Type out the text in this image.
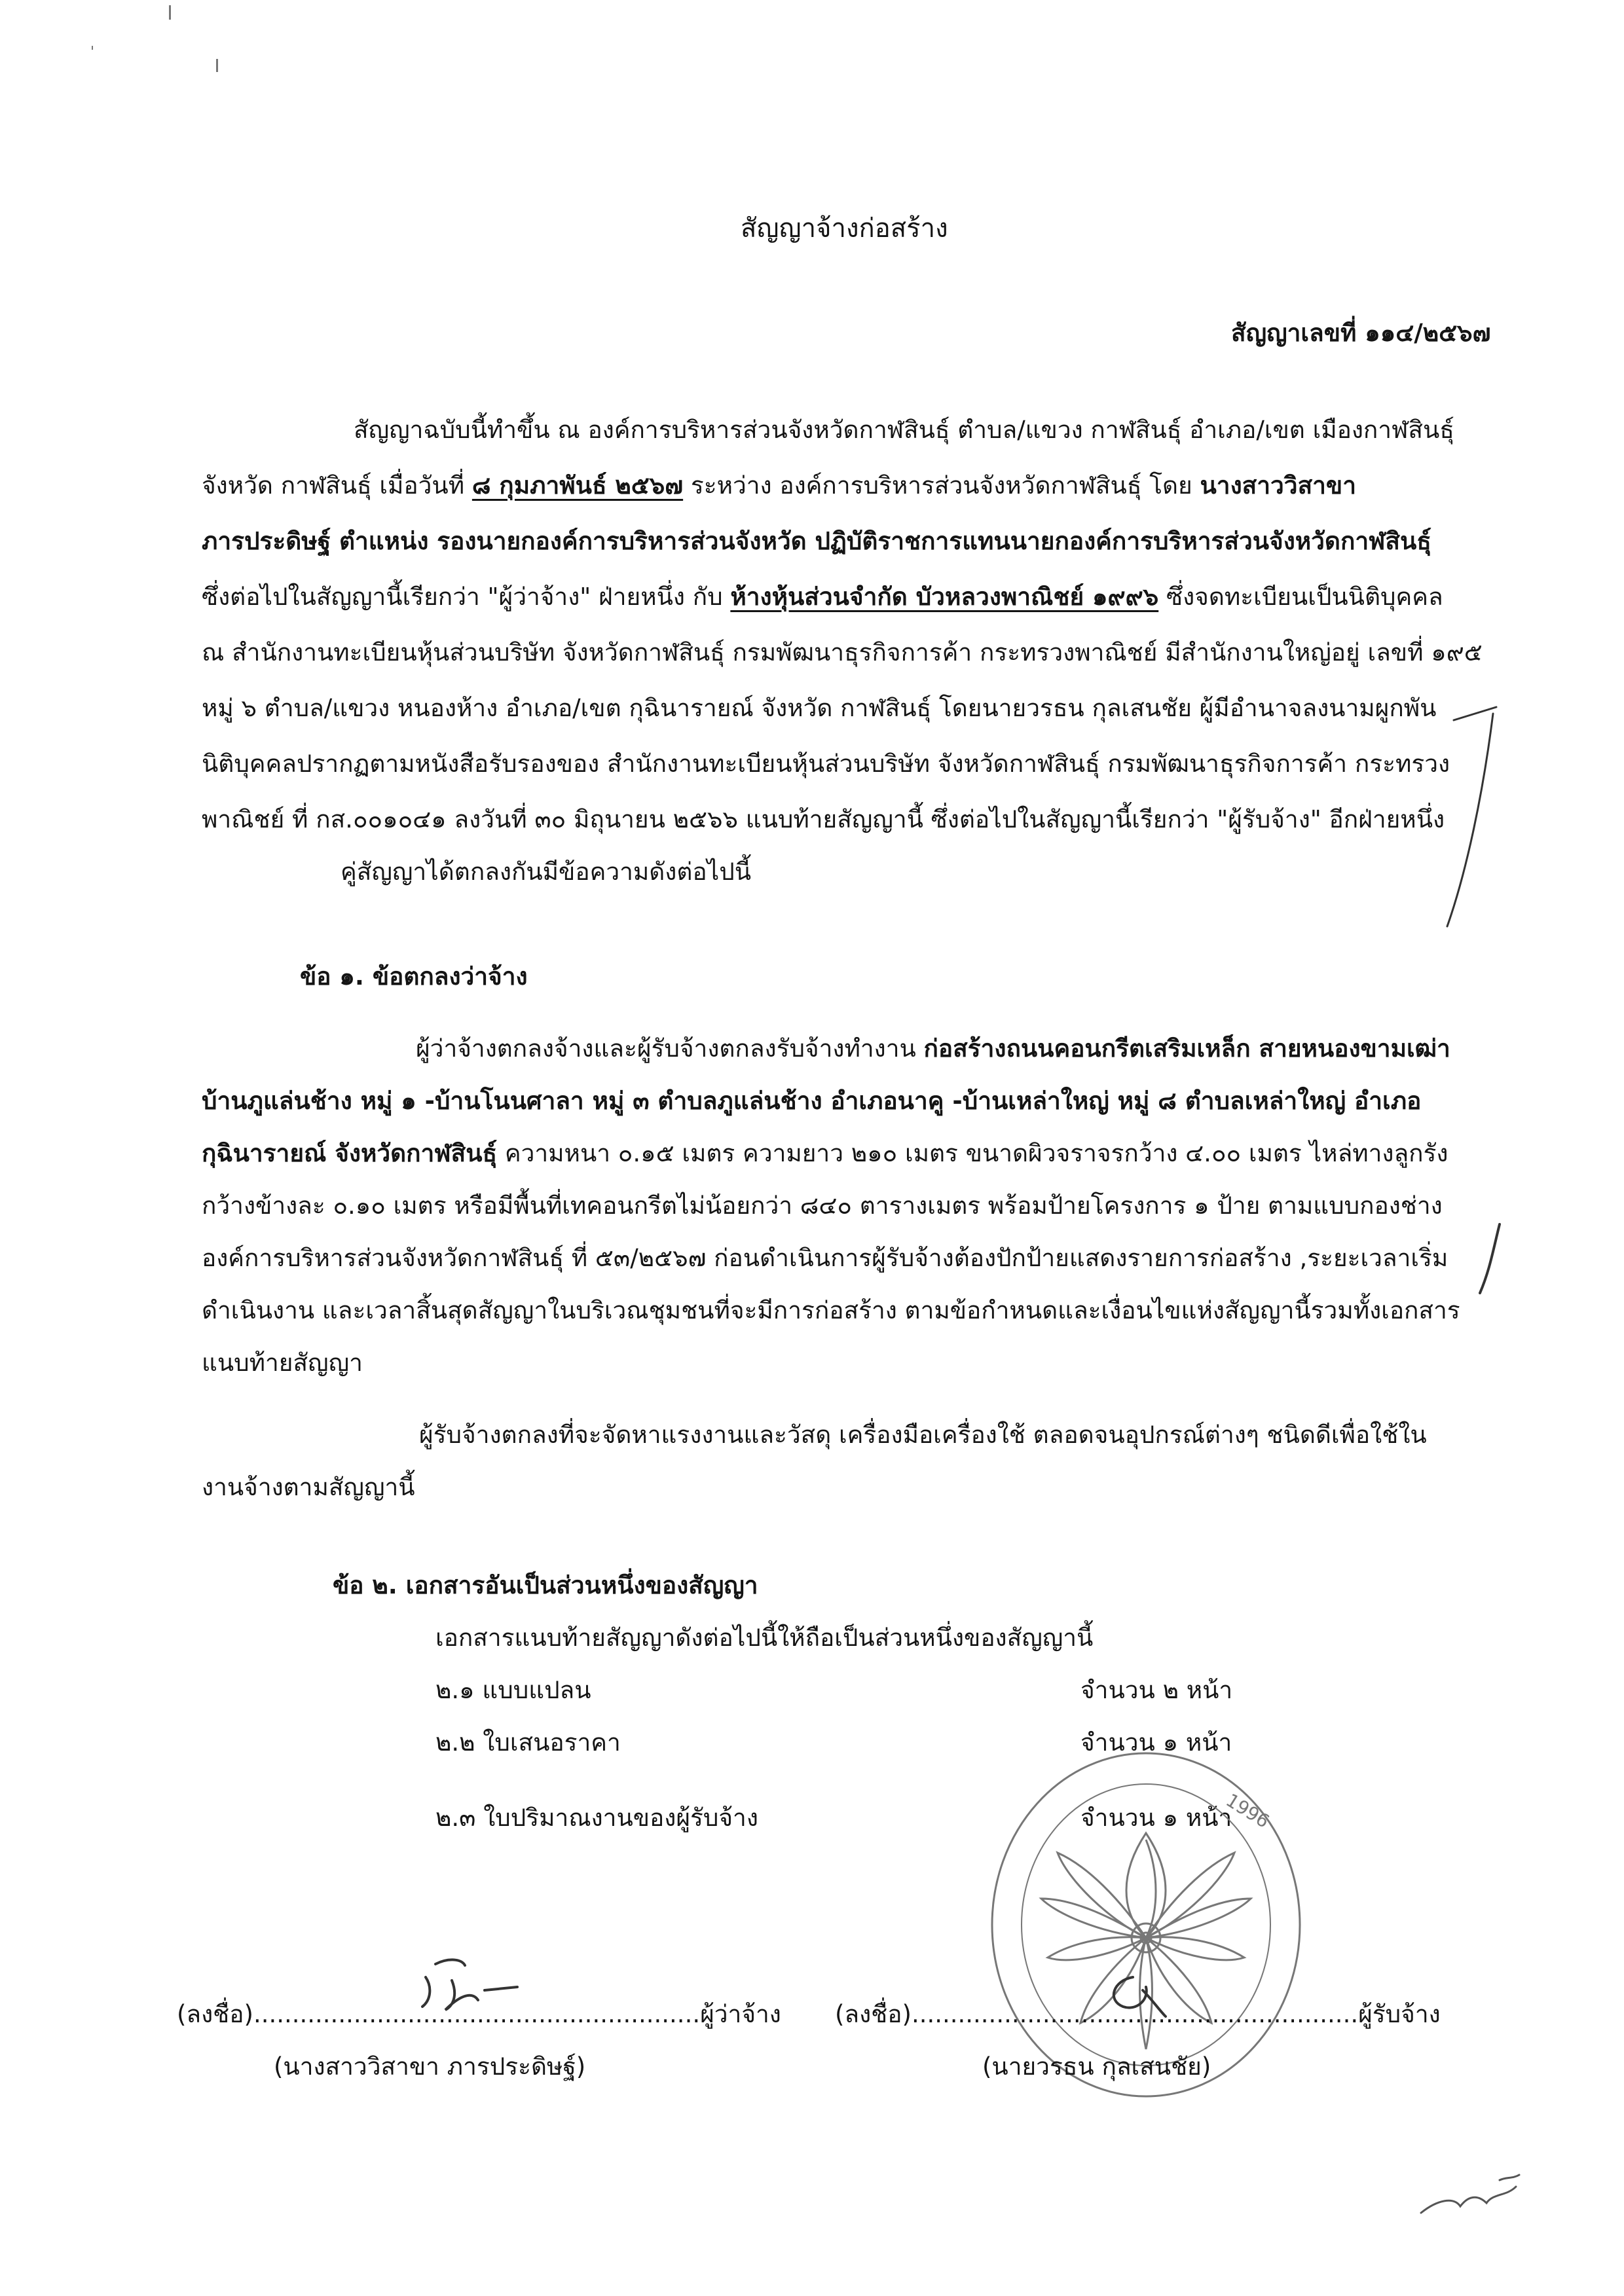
สัญญาจ้างก่อสร้าง
สัญญาเลขที่ ๑๑๔/๒๕๖๗
สัญญาฉบับนี้ทำขึ้น ณ องค์การบริหารส่วนจังหวัดกาฬสินธุ์ ตำบล/แขวง กาฬสินธุ์ อำเภอ/เขต เมืองกาฬสินธุ์
จังหวัด กาฬสินธุ์ เมื่อวันที่ ๘ กุมภาพันธ์ ๒๕๖๗ ระหว่าง องค์การบริหารส่วนจังหวัดกาฬสินธุ์ โดย นางสาววิสาขา
ภารประดิษฐ์ ตำแหน่ง รองนายกองค์การบริหารส่วนจังหวัด ปฏิบัติราชการแทนนายกองค์การบริหารส่วนจังหวัดกาฬสินธุ์
ซึ่งต่อไปในสัญญานี้เรียกว่า "ผู้ว่าจ้าง" ฝ่ายหนึ่ง กับ ห้างหุ้นส่วนจำกัด บัวหลวงพาณิชย์ ๑๙๙๖ ซึ่งจดทะเบียนเป็นนิติบุคคล
ณ สำนักงานทะเบียนหุ้นส่วนบริษัท จังหวัดกาฬสินธุ์ กรมพัฒนาธุรกิจการค้า กระทรวงพาณิชย์ มีสำนักงานใหญ่อยู่ เลขที่ ๑๙๕
หมู่ ๖ ตำบล/แขวง หนองห้าง อำเภอ/เขต กุฉินารายณ์ จังหวัด กาฬสินธุ์ โดยนายวรธน กุลเสนชัย ผู้มีอำนาจลงนามผูกพัน
นิติบุคคลปรากฏตามหนังสือรับรองของ สำนักงานทะเบียนหุ้นส่วนบริษัท จังหวัดกาฬสินธุ์ กรมพัฒนาธุรกิจการค้า กระทรวง
พาณิชย์ ที่ กส.๐๐๑๐๔๑ ลงวันที่ ๓๐ มิถุนายน ๒๕๖๖ แนบท้ายสัญญานี้ ซึ่งต่อไปในสัญญานี้เรียกว่า "ผู้รับจ้าง" อีกฝ่ายหนึ่ง
คู่สัญญาได้ตกลงกันมีข้อความดังต่อไปนี้
ข้อ ๑. ข้อตกลงว่าจ้าง
ผู้ว่าจ้างตกลงจ้างและผู้รับจ้างตกลงรับจ้างทำงาน ก่อสร้างถนนคอนกรีตเสริมเหล็ก สายหนองขามเฒ่า
บ้านภูแล่นช้าง หมู่ ๑ -บ้านโนนศาลา หมู่ ๓ ตำบลภูแล่นช้าง อำเภอนาคู -บ้านเหล่าใหญ่ หมู่ ๘ ตำบลเหล่าใหญ่ อำเภอ
กุฉินารายณ์ จังหวัดกาฬสินธุ์ ความหนา ๐.๑๕ เมตร ความยาว ๒๑๐ เมตร ขนาดผิวจราจรกว้าง ๔.๐๐ เมตร ไหล่ทางลูกรัง
กว้างข้างละ ๐.๑๐ เมตร หรือมีพื้นที่เทคอนกรีตไม่น้อยกว่า ๘๔๐ ตารางเมตร พร้อมป้ายโครงการ ๑ ป้าย ตามแบบกองช่าง
องค์การบริหารส่วนจังหวัดกาฬสินธุ์ ที่ ๕๓/๒๕๖๗ ก่อนดำเนินการผู้รับจ้างต้องปักป้ายแสดงรายการก่อสร้าง ,ระยะเวลาเริ่ม
ดำเนินงาน และเวลาสิ้นสุดสัญญาในบริเวณชุมชนที่จะมีการก่อสร้าง ตามข้อกำหนดและเงื่อนไขแห่งสัญญานี้รวมทั้งเอกสาร
แนบท้ายสัญญา
ผู้รับจ้างตกลงที่จะจัดหาแรงงานและวัสดุ เครื่องมือเครื่องใช้ ตลอดจนอุปกรณ์ต่างๆ ชนิดดีเพื่อใช้ใน
งานจ้างตามสัญญานี้
ข้อ ๒. เอกสารอันเป็นส่วนหนึ่งของสัญญา
เอกสารแนบท้ายสัญญาดังต่อไปนี้ให้ถือเป็นส่วนหนึ่งของสัญญานี้
๒.๑ แบบแปลน	จำนวน ๒ หน้า
๒.๒ ใบเสนอราคา	จำนวน ๑ หน้า
๒.๓ ใบปริมาณงานของผู้รับจ้าง	จำนวน ๑ หน้า
1996
(ลงชื่อ)..........................................................ผู้ว่าจ้าง
(นางสาววิสาขา ภารประดิษฐ์)
(ลงชื่อ)..........................................................ผู้รับจ้าง
(นายวรธน กุลเสนชัย)
